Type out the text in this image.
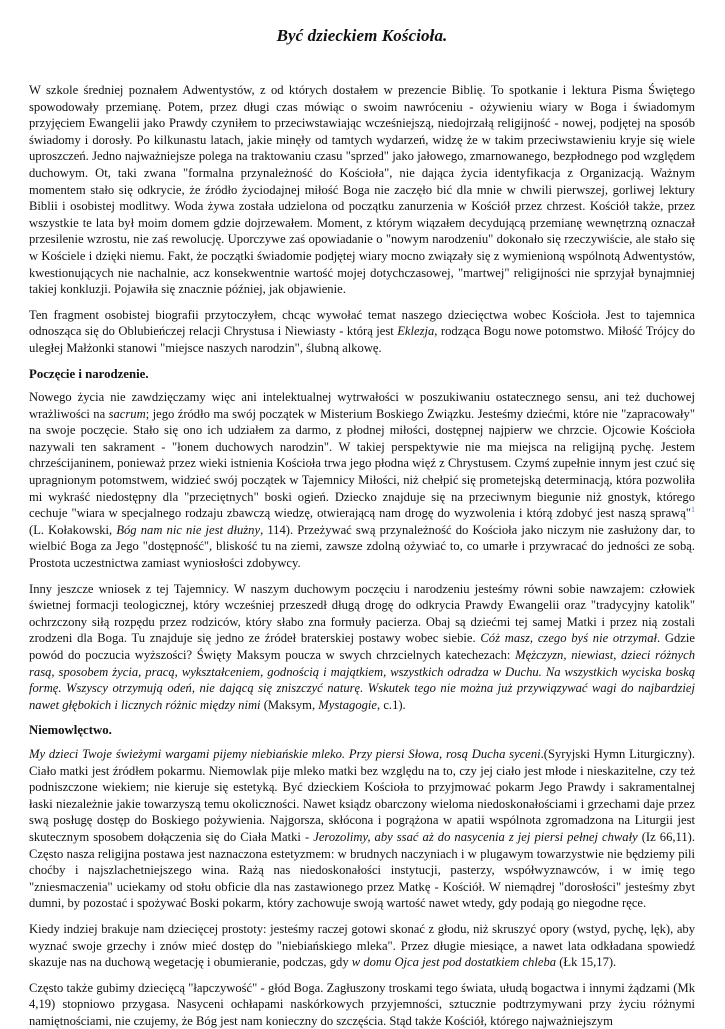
Być dzieckiem Kościoła.

W szkole średniej poznałem Adwentystów, z od których dostałem w prezencie Biblię. To spotkanie i lektura Pisma Świętego spowodowały przemianę. Potem, przez długi czas mówiąc o swoim nawróceniu - ożywieniu wiary w Boga i świadomym przyjęciem Ewangelii jako Prawdy czyniłem to przeciwstawiając wcześniejszą, niedojrzałą religijność - nowej, podjętej na sposób świadomy i dorosły. Po kilkunastu latach, jakie minęły od tamtych wydarzeń, widzę że w takim przeciwstawieniu kryje się wiele uproszczeń. Jedno najważniejsze polega na traktowaniu czasu "sprzed" jako jałowego, zmarnowanego, bezpłodnego pod względem duchowym. Ot, taki zwana "formalna przynależność do Kościoła", nie dająca życia identyfikacja z Organizacją. Ważnym momentem stało się odkrycie, że źródło życiodajnej miłość Boga nie zaczęło bić dla mnie w chwili pierwszej, gorliwej lektury Biblii i osobistej modlitwy. Woda żywa została udzielona od początku zanurzenia w Kościół przez chrzest. Kościół także, przez wszystkie te lata był moim domem gdzie dojrzewałem. Moment, z którym wiązałem decydującą przemianę wewnętrzną oznaczał przesilenie wzrostu, nie zaś rewolucję. Uporczywe zaś opowiadanie o "nowym narodzeniu" dokonało się rzeczywiście, ale stało się w Kościele i dzięki niemu. Fakt, że początki świadomie podjętej wiary mocno związały się z wymienioną wspólnotą Adwentystów, kwestionujących nie nachalnie, acz konsekwentnie wartość mojej dotychczasowej, "martwej" religijności nie sprzyjał bynajmniej takiej konkluzji. Pojawiła się znacznie później, jak objawienie.

Ten fragment osobistej biografii przytoczyłem, chcąc wywołać temat naszego dziecięctwa wobec Kościoła. Jest to tajemnica odnosząca się do Oblubieńczej relacji Chrystusa i Niewiasty - którą jest Eklezja, rodząca Bogu nowe potomstwo. Miłość Trójcy do uległej Małżonki stanowi "miejsce naszych narodzin", ślubną alkowę.

Poczęcie i narodzenie.

Nowego życia nie zawdzięczamy więc ani intelektualnej wytrwałości w poszukiwaniu ostatecznego sensu, ani też duchowej wrażliwości na sacrum; jego źródło ma swój początek w Misterium Boskiego Związku. Jesteśmy dziećmi, które nie "zapracowały" na swoje poczęcie. Stało się ono ich udziałem za darmo, z płodnej miłości, dostępnej najpierw we chrzcie. Ojcowie Kościoła nazywali ten sakrament - "łonem duchowych narodzin". W takiej perspektywie nie ma miejsca na religijną pychę. Jestem chrześcijaninem, ponieważ przez wieki istnienia Kościoła trwa jego płodna więź z Chrystusem. Czymś zupełnie innym jest czuć się upragnionym potomstwem, widzieć swój początek w Tajemnicy Miłości, niż chełpić się prometejską determinacją, która pozwoliła mi wykraść niedostępny dla "przeciętnych" boski ogień. Dziecko znajduje się na przeciwnym biegunie niż gnostyk, którego cechuje "wiara w specjalnego rodzaju zbawczą wiedzę, otwierającą nam drogę do wyzwolenia i którą zdobyć jest naszą sprawą"$^1$ (L. Kołakowski, Bóg nam nic nie jest dłużny, 114). Przeżywać swą przynależność do Kościoła jako niczym nie zasłużony dar, to wielbić Boga za Jego "dostępność", bliskość tu na ziemi, zawsze zdolną ożywiać to, co umarłe i przywracać do jedności ze sobą. Prostota uczestnictwa zamiast wyniosłości zdobywcy.

Inny jeszcze wniosek z tej Tajemnicy. W naszym duchowym poczęciu i narodzeniu jesteśmy równi sobie nawzajem: człowiek świetnej formacji teologicznej, który wcześniej przeszedł długą drogę do odkrycia Prawdy Ewangelii oraz "tradycyjny katolik" ochrzczony siłą rozpędu przez rodziców, który słabo zna formuły pacierza. Obaj są dziećmi tej samej Matki i przez nią zostali zrodzeni dla Boga. Tu znajduje się jedno ze źródeł braterskiej postawy wobec siebie. Cóż masz, czego byś nie otrzymał. Gdzie powód do poczucia wyższości? Święty Maksym poucza w swych chrzcielnych katechezach: Mężczyzn, niewiast, dzieci różnych rasą, sposobem życia, pracą, wykształceniem, godnością i majątkiem, wszystkich odradza w Duchu. Na wszystkich wyciska boską formę. Wszyscy otrzymują odeń, nie dającą się zniszczyć naturę. Wskutek tego nie można już przywiązywać wagi do najbardziej nawet głębokich i licznych różnic między nimi (Maksym, Mystagogie, c.1).

Niemowlęctwo.

My dzieci Twoje świeżymi wargami pijemy niebiańskie mleko. Przy piersi Słowa, rosą Ducha syceni.(Syryjski Hymn Liturgiczny). Ciało matki jest źródłem pokarmu. Niemowlak pije mleko matki bez względu na to, czy jej ciało jest młode i nieskazitelne, czy też podniszczone wiekiem; nie kieruje się estetyką. Być dzieckiem Kościoła to przyjmować pokarm Jego Prawdy i sakramentalnej łaski niezależnie jakie towarzyszą temu okoliczności. Nawet ksiądz obarczony wieloma niedoskonałościami i grzechami daje przez swą posługę dostęp do Boskiego pożywienia. Najgorsza, skłócona i pogrążona w apatii wspólnota zgromadzona na Liturgii jest skutecznym sposobem dołączenia się do Ciała Matki - Jerozolimy, aby ssać aż do nasycenia z jej piersi pełnej chwały (Iz 66,11). Często nasza religijna postawa jest naznaczona estetyzmem: w brudnych naczyniach i w plugawym towarzystwie nie będziemy pili choćby i najszlachetniejszego wina. Rażą nas niedoskonałości instytucji, pasterzy, współwyznawców, i w imię tego "zniesmaczenia" uciekamy od stołu obficie dla nas zastawionego przez Matkę - Kościół. W niemądrej "dorosłości" jesteśmy zbyt dumni, by pozostać i spożywać Boski pokarm, który zachowuje swoją wartość nawet wtedy, gdy podają go niegodne ręce.

Kiedy indziej brakuje nam dziecięcej prostoty: jesteśmy raczej gotowi skonać z głodu, niż skruszyć opory (wstyd, pychę, lęk), aby wyznać swoje grzechy i znów mieć dostęp do "niebiańskiego mleka". Przez długie miesiące, a nawet lata odkładana spowiedź skazuje nas na duchową wegetację i obumieranie, podczas, gdy w domu Ojca jest pod dostatkiem chleba (Łk 15,17).

Często także gubimy dziecięcą "łapczywość" - głód Boga. Zagłuszony troskami tego świata, ułudą bogactwa i innymi żądzami (Mk 4,19) stopniowo przygasa. Nasyceni ochłapami naskórkowych przyjemności, sztucznie podtrzymywani przy życiu różnymi namiętnościami, nie czujemy, że Bóg jest nam konieczny do szczęścia. Stąd także Kościół, którego najważniejszym
